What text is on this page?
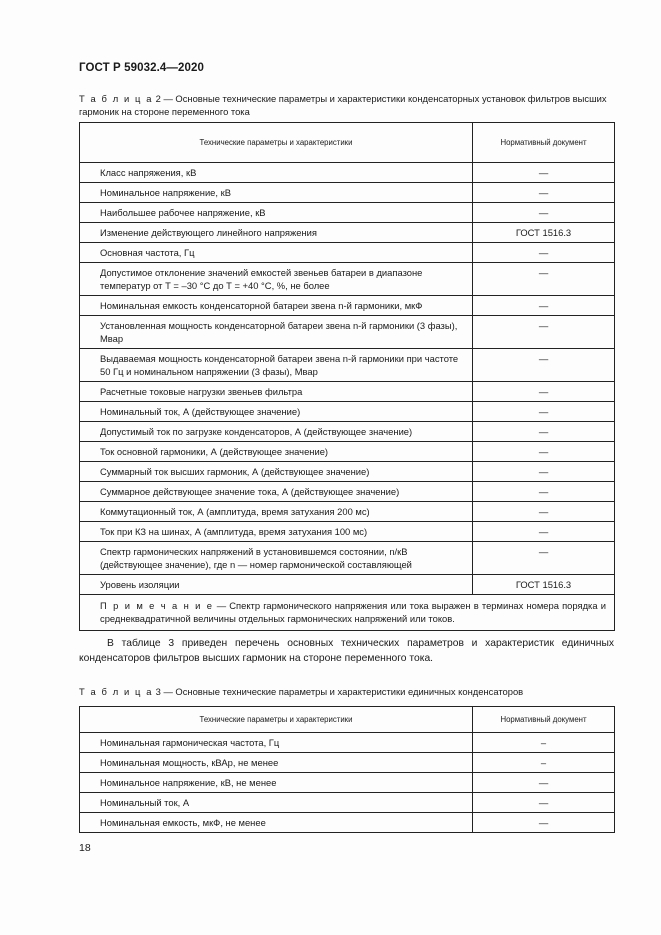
ГОСТ Р 59032.4—2020
Т а б л и ц а 2 — Основные технические параметры и характеристики конденсаторных установок фильтров высших гармоник на стороне переменного тока
Технические параметры и характеристики	Нормативный документ
Класс напряжения, кВ	—
Номинальное напряжение, кВ	—
Наибольшее рабочее напряжение, кВ	—
Изменение действующего линейного напряжения	ГОСТ 1516.3
Основная частота, Гц	—
Допустимое отклонение значений емкостей звеньев батареи в диапазоне температур от Т = –30 °С до Т = +40 °С, %, не более	—
Номинальная емкость конденсаторной батареи звена n-й гармоники, мкФ	—
Установленная мощность конденсаторной батареи звена n-й гармоники (3 фазы), Мвар	—
Выдаваемая мощность конденсаторной батареи звена n-й гармоники при частоте 50 Гц и номинальном напряжении (3 фазы), Мвар	—
Расчетные токовые нагрузки звеньев фильтра	—
Номинальный ток, А (действующее значение)	—
Допустимый ток по загрузке конденсаторов, А (действующее значение)	—
Ток основной гармоники, А (действующее значение)	—
Суммарный ток высших гармоник, А (действующее значение)	—
Суммарное действующее значение тока, А (действующее значение)	—
Коммутационный ток, А (амплитуда, время затухания 200 мс)	—
Ток при КЗ на шинах, А (амплитуда, время затухания 100 мс)	—
Спектр гармонических напряжений в установившемся состоянии, n/кВ (действующее значение), где n — номер гармонической составляющей	—
Уровень изоляции	ГОСТ 1516.3
П р и м е ч а н и е — Спектр гармонического напряжения или тока выражен в терминах номера порядка и среднеквадратичной величины отдельных гармонических напряжений или токов.	
В таблице 3 приведен перечень основных технических параметров и характеристик единичных конденсаторов фильтров высших гармоник на стороне переменного тока.
Т а б л и ц а 3 — Основные технические параметры и характеристики единичных конденсаторов
Технические параметры и характеристики	Нормативный документ
Номинальная гармоническая частота, Гц	–
Номинальная мощность, кВАр, не менее	–
Номинальное напряжение, кВ, не менее	—
Номинальный ток, А	—
Номинальная емкость, мкФ, не менее	—
18
